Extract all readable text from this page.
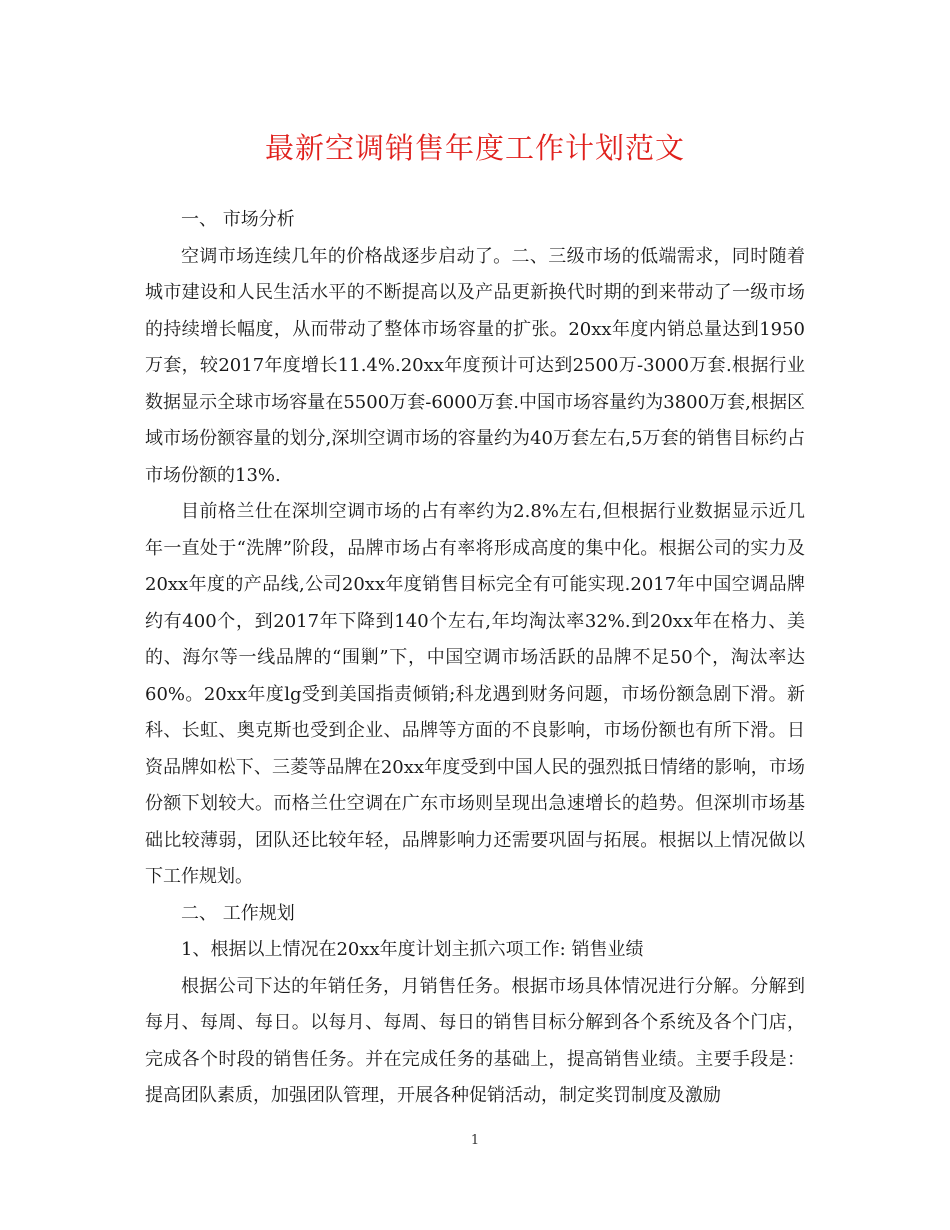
最新空调销售年度工作计划范文

一、 市场分析

空调市场连续几年的价格战逐步启动了。二、三级市场的低端需求，同时随着城市建设和人民生活水平的不断提高以及产品更新换代时期的到来带动了一级市场的持续增长幅度，从而带动了整体市场容量的扩张。20xx年度内销总量达到1950万套，较2017年度增长11.4%.20xx年度预计可达到2500万-3000万套.根据行业数据显示全球市场容量在5500万套-6000万套.中国市场容量约为3800万套,根据区域市场份额容量的划分,深圳空调市场的容量约为40万套左右,5万套的销售目标约占市场份额的13%.

目前格兰仕在深圳空调市场的占有率约为2.8%左右,但根据行业数据显示近几年一直处于“洗牌”阶段，品牌市场占有率将形成高度的集中化。根据公司的实力及20xx年度的产品线,公司20xx年度销售目标完全有可能实现.2017年中国空调品牌约有400个，到2017年下降到140个左右,年均淘汰率32%.到20xx年在格力、美的、海尔等一线品牌的“围剿”下，中国空调市场活跃的品牌不足50个，淘汰率达60%。20xx年度lg受到美国指责倾销;科龙遇到财务问题，市场份额急剧下滑。新科、长虹、奥克斯也受到企业、品牌等方面的不良影响，市场份额也有所下滑。日资品牌如松下、三菱等品牌在20xx年度受到中国人民的强烈抵日情绪的影响，市场份额下划较大。而格兰仕空调在广东市场则呈现出急速增长的趋势。但深圳市场基础比较薄弱，团队还比较年轻，品牌影响力还需要巩固与拓展。根据以上情况做以下工作规划。

二、 工作规划

1、根据以上情况在20xx年度计划主抓六项工作: 销售业绩

根据公司下达的年销任务，月销售任务。根据市场具体情况进行分解。分解到每月、每周、每日。以每月、每周、每日的销售目标分解到各个系统及各个门店，完成各个时段的销售任务。并在完成任务的基础上，提高销售业绩。主要手段是：提高团队素质，加强团队管理，开展各种促销活动，制定奖罚制度及激励

1
